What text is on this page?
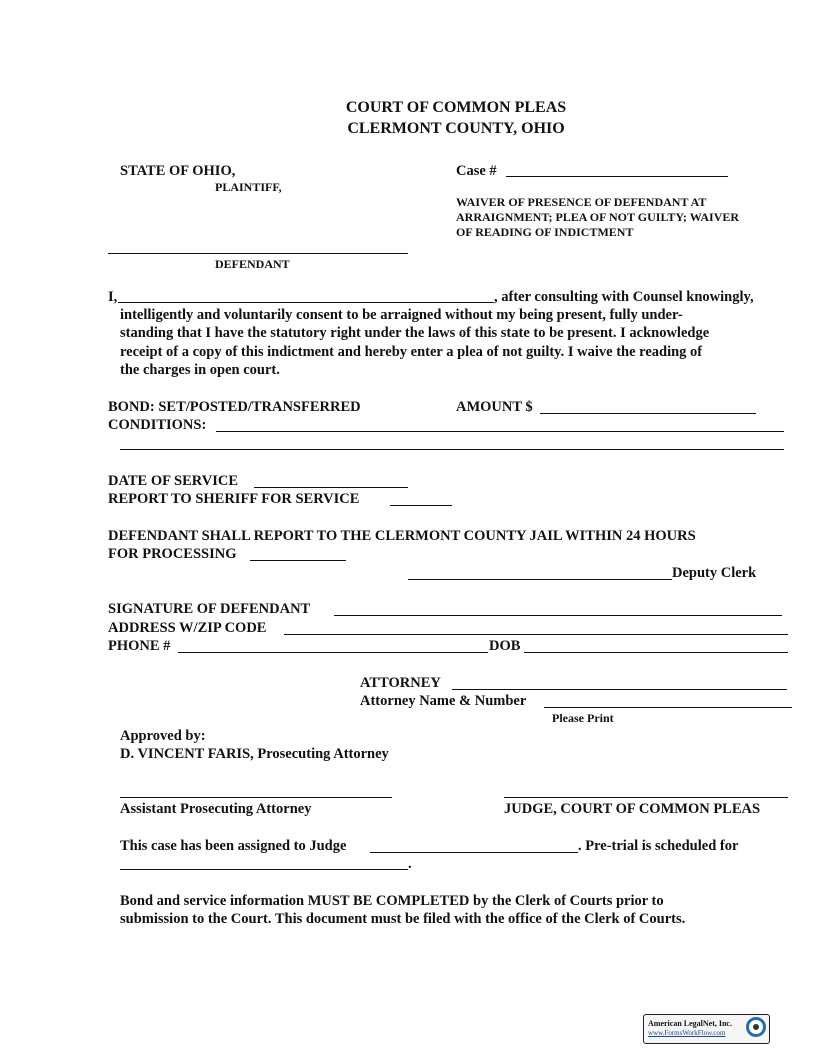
COURT OF COMMON PLEAS
CLERMONT COUNTY, OHIO
STATE OF OHIO,
PLAINTIFF,
Case #
WAIVER OF PRESENCE OF DEFENDANT AT
ARRAIGNMENT; PLEA OF NOT GUILTY; WAIVER
OF READING OF INDICTMENT
DEFENDANT
I,	, after consulting with Counsel knowingly,
intelligently and voluntarily consent to be arraigned without my being present, fully under-
standing that I have the statutory right under the laws of this state to be present. I acknowledge
receipt of a copy of this indictment and hereby enter a plea of not guilty. I waive the reading of
the charges in open court.
BOND: SET/POSTED/TRANSFERRED	AMOUNT $
CONDITIONS:
DATE OF SERVICE
REPORT TO SHERIFF FOR SERVICE
DEFENDANT SHALL REPORT TO THE CLERMONT COUNTY JAIL WITHIN 24 HOURS
FOR PROCESSING
Deputy Clerk
SIGNATURE OF DEFENDANT
ADDRESS W/ZIP CODE
PHONE #	DOB
ATTORNEY
Attorney Name & Number
Please Print
Approved by:
D. VINCENT FARIS, Prosecuting Attorney
Assistant Prosecuting Attorney	JUDGE, COURT OF COMMON PLEAS
This case has been assigned to Judge	. Pre-trial is scheduled for
.
Bond and service information MUST BE COMPLETED by the Clerk of Courts prior to
submission to the Court. This document must be filed with the office of the Clerk of Courts.
American LegalNet, Inc.
www.FormsWorkFlow.com
